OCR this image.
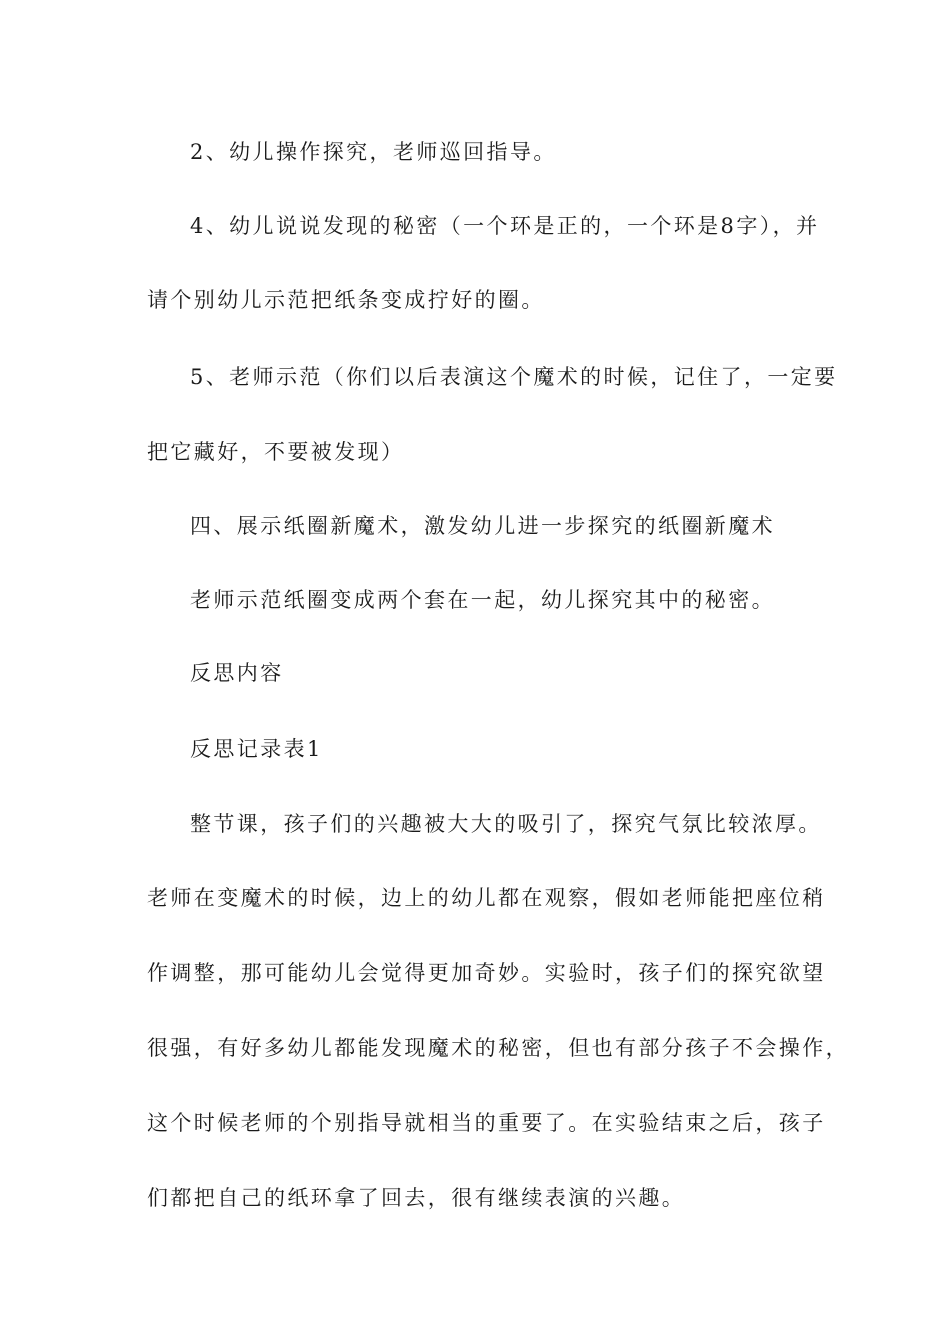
2、幼儿操作探究，老师巡回指导。
4、幼儿说说发现的秘密（一个环是正的，一个环是8字），并
请个别幼儿示范把纸条变成拧好的圈。
5、老师示范（你们以后表演这个魔术的时候，记住了，一定要
把它藏好，不要被发现）
四、展示纸圈新魔术，激发幼儿进一步探究的纸圈新魔术
老师示范纸圈变成两个套在一起，幼儿探究其中的秘密。
反思内容
反思记录表1
整节课，孩子们的兴趣被大大的吸引了，探究气氛比较浓厚。
老师在变魔术的时候，边上的幼儿都在观察，假如老师能把座位稍
作调整，那可能幼儿会觉得更加奇妙。实验时，孩子们的探究欲望
很强，有好多幼儿都能发现魔术的秘密，但也有部分孩子不会操作，
这个时候老师的个别指导就相当的重要了。在实验结束之后，孩子
们都把自己的纸环拿了回去，很有继续表演的兴趣。
